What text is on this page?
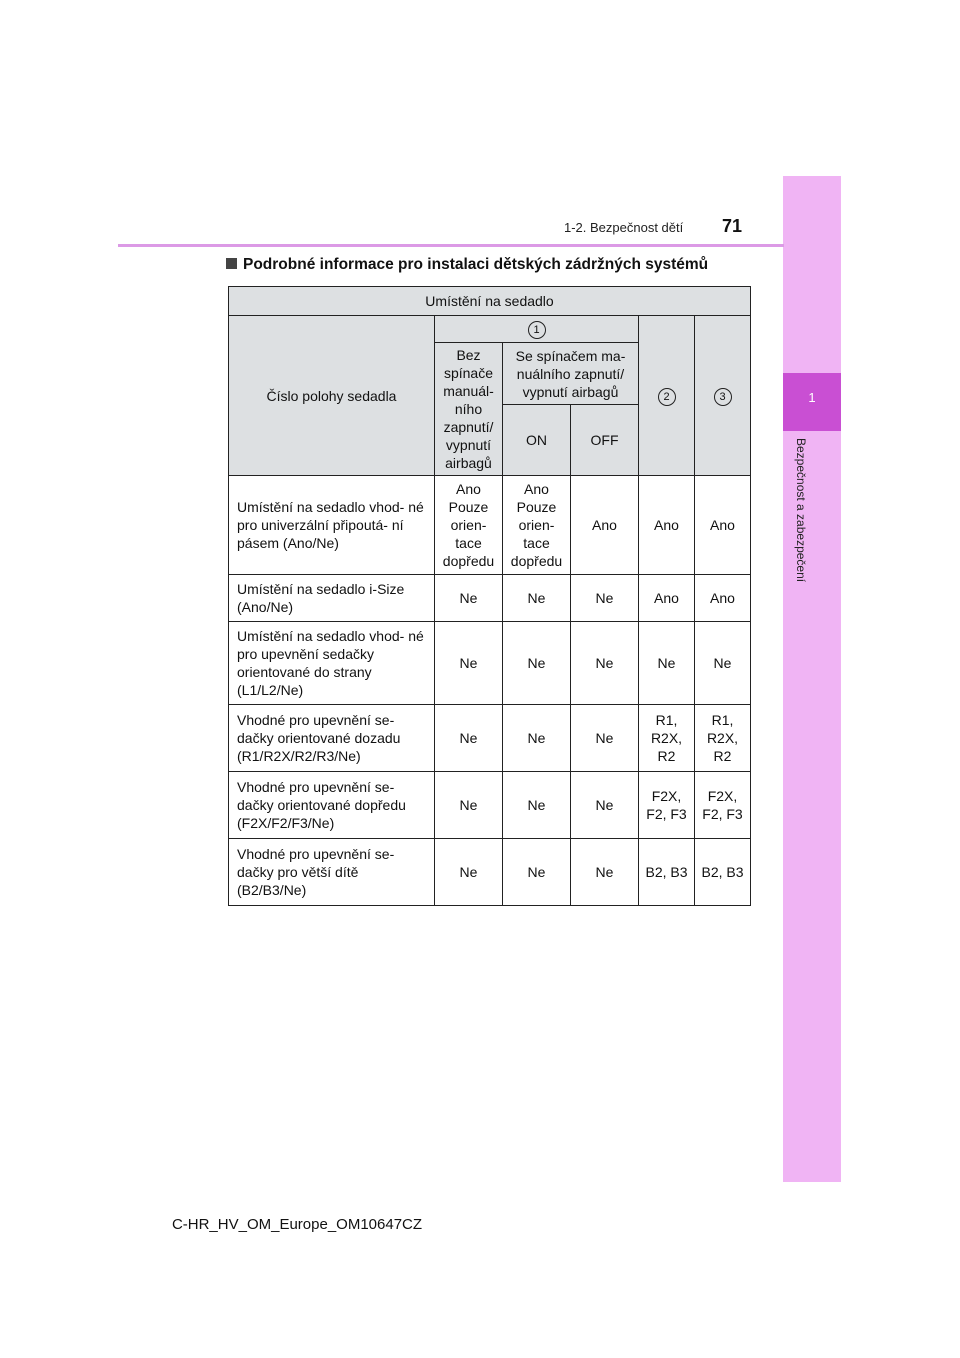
1
Bezpečnost a zabezpečení
1-2. Bezpečnost dětí 71
Podrobné informace pro instalaci dětských zádržných systémů
Umístění na sedadlo					
Číslo polohy sedadla	1			2	3
	Bez spínače manuál- ního zapnutí/ vypnutí airbagů	Se spínačem ma- nuálního zapnutí/ vypnutí airbagů			
		ON	OFF		
Umístění na sedadlo vhod- né pro univerzální připoutá- ní pásem (Ano/Ne)	Ano Pouze orien- tace dopředu	Ano Pouze orien- tace dopředu	Ano	Ano	Ano
Umístění na sedadlo i-Size (Ano/Ne)	Ne	Ne	Ne	Ano	Ano
Umístění na sedadlo vhod- né pro upevnění sedačky orientované do strany (L1/L2/Ne)	Ne	Ne	Ne	Ne	Ne
Vhodné pro upevnění se- dačky orientované dozadu (R1/R2X/R2/R3/Ne)	Ne	Ne	Ne	R1, R2X, R2	R1, R2X, R2
Vhodné pro upevnění se- dačky orientované dopředu (F2X/F2/F3/Ne)	Ne	Ne	Ne	F2X, F2, F3	F2X, F2, F3
Vhodné pro upevnění se- dačky pro větší dítě (B2/B3/Ne)	Ne	Ne	Ne	B2, B3	B2, B3
C-HR_HV_OM_Europe_OM10647CZ
